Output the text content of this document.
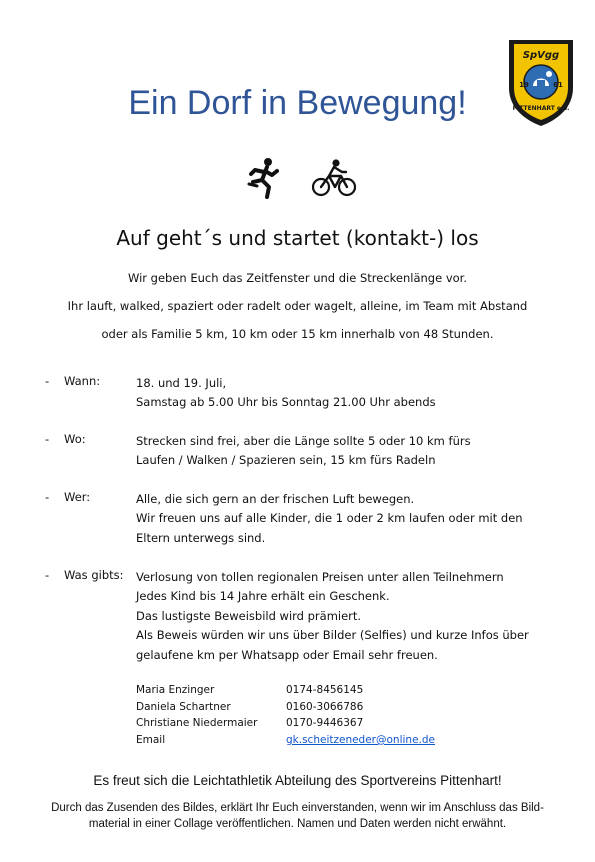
Ein Dorf in Bewegung!
SpVgg
19	61
PITTENHART e.V.
Auf geht´s und startet (kontakt-) los
Wir geben Euch das Zeitfenster und die Streckenlänge vor.
Ihr lauft, walked, spaziert oder radelt oder wagelt, alleine, im Team mit Abstand
oder als Familie 5 km, 10 km oder 15 km innerhalb von 48 Stunden.
- Wann:	18. und 19. Juli,
Samstag ab 5.00 Uhr bis Sonntag 21.00 Uhr abends
- Wo:	Strecken sind frei, aber die Länge sollte 5 oder 10 km fürs
Laufen / Walken / Spazieren sein, 15 km fürs Radeln
- Wer:	Alle, die sich gern an der frischen Luft bewegen.
Wir freuen uns auf alle Kinder, die 1 oder 2 km laufen oder mit den
Eltern unterwegs sind.
- Was gibts: Verlosung von tollen regionalen Preisen unter allen Teilnehmern
Jedes Kind bis 14 Jahre erhält ein Geschenk.
Das lustigste Beweisbild wird prämiert.
Als Beweis würden wir uns über Bilder (Selfies) und kurze Infos über
gelaufene km per Whatsapp oder Email sehr freuen.
Maria Enzinger	0174-8456145
Daniela Schartner	0160-3066786
Christiane Niedermaier	0170-9446367
Email	gk.scheitzeneder@online.de
Es freut sich die Leichtathletik Abteilung des Sportvereins Pittenhart!
Durch das Zusenden des Bildes, erklärt Ihr Euch einverstanden, wenn wir im Anschluss das Bild-
material in einer Collage veröffentlichen. Namen und Daten werden nicht erwähnt.
